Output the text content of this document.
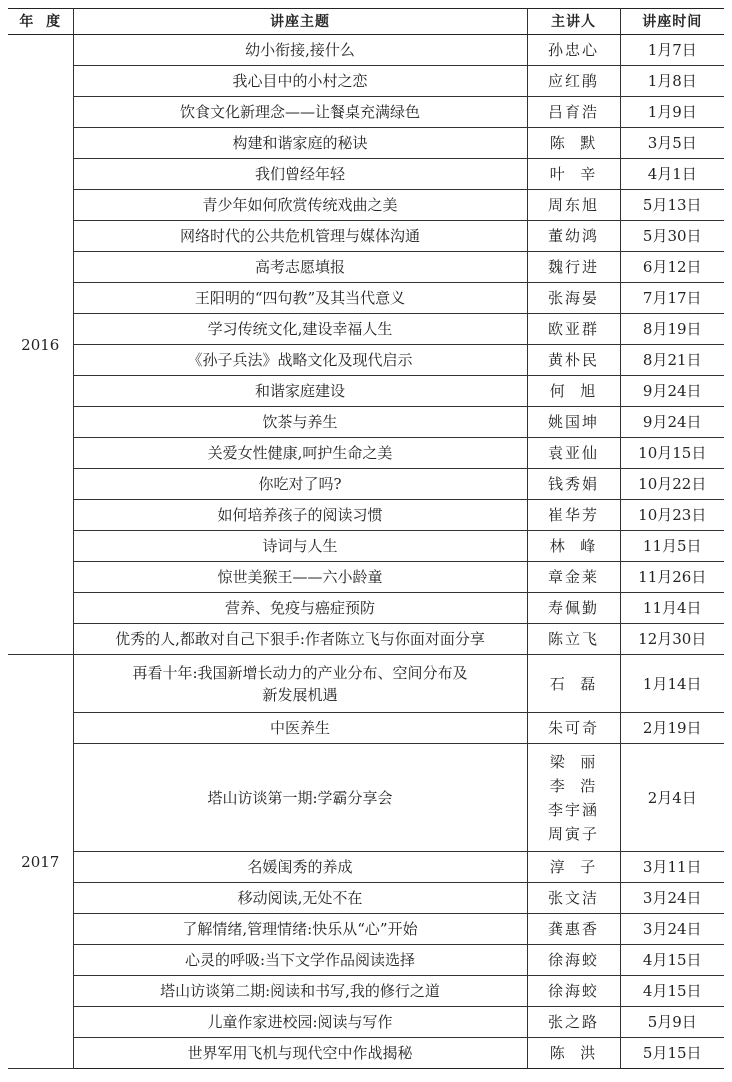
年  度	讲座主题	主讲人	讲座时间
2016	幼小衔接,接什么	孙忠心	1月7日
	我心目中的小村之恋	应红鹃	1月8日
	饮食文化新理念——让餐桌充满绿色	吕育浩	1月9日
	构建和谐家庭的秘诀	陈  默	3月5日
	我们曾经年轻	叶  辛	4月1日
	青少年如何欣赏传统戏曲之美	周东旭	5月13日
	网络时代的公共危机管理与媒体沟通	董幼鸿	5月30日
	高考志愿填报	魏行进	6月12日
	王阳明的“四句教”及其当代意义	张海晏	7月17日
	学习传统文化,建设幸福人生	欧亚群	8月19日
	《孙子兵法》战略文化及现代启示	黄朴民	8月21日
	和谐家庭建设	何  旭	9月24日
	饮茶与养生	姚国坤	9月24日
	关爱女性健康,呵护生命之美	袁亚仙	10月15日
	你吃对了吗?	钱秀娟	10月22日
	如何培养孩子的阅读习惯	崔华芳	10月23日
	诗词与人生	林  峰	11月5日
	惊世美猴王——六小龄童	章金莱	11月26日
	营养、免疫与癌症预防	寿佩勤	11月4日
	优秀的人,都敢对自己下狠手:作者陈立飞与你面对面分享	陈立飞	12月30日
2017	再看十年:我国新增长动力的产业分布、空间分布及
新发展机遇	石  磊	1月14日
	中医养生	朱可奇	2月19日
	塔山访谈第一期:学霸分享会	梁  丽
李  浩
李宇涵
周寅子	2月4日
	名媛闺秀的养成	淳  子	3月11日
	移动阅读,无处不在	张文洁	3月24日
	了解情绪,管理情绪:快乐从“心”开始	龚惠香	3月24日
	心灵的呼吸:当下文学作品阅读选择	徐海蛟	4月15日
	塔山访谈第二期:阅读和书写,我的修行之道	徐海蛟	4月15日
	儿童作家进校园:阅读与写作	张之路	5月9日
	世界军用飞机与现代空中作战揭秘	陈  洪	5月15日
